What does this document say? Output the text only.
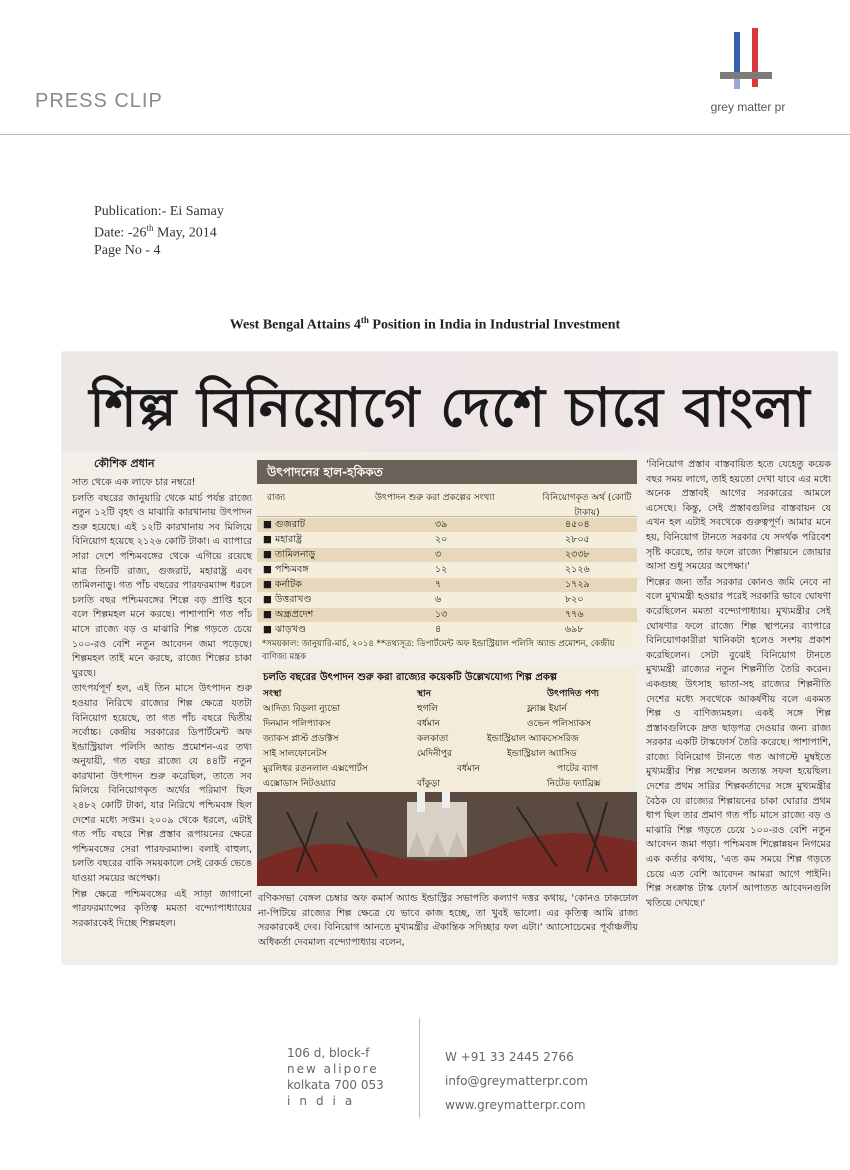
PRESS CLIP	grey matter pr
Publication:- Ei Samay
Date: -26th May, 2014
Page No - 4
West Bengal Attains 4th Position in India in Industrial Investment
শিল্প বিনিয়োগে দেশে চারে বাংলা
কৌশিক প্রধান

সাত থেকে এক লাফে চার নম্বরে!

চলতি বছরের জানুয়ারি থেকে মার্চ পর্যন্ত রাজ্যে নতুন ১২টি বৃহৎ ও মাঝারি কারখানায় উৎপাদন শুরু হয়েছে। এই ১২টি কারখানায় সব মিলিয়ে বিনিয়োগ হয়েছে ২১২৬ কোটি টাকা। এ ব্যাপারে সারা দেশে পশ্চিমবঙ্গের থেকে এগিয়ে রয়েছে মাত্র তিনটি রাজ্য, গুজরাট, মহারাষ্ট্র এবং তামিলনাড়ু। গত পাঁচ বছরের পারফরম্যান্স ধরলে চলতি বছর পশ্চিমবঙ্গের শিল্পে বড় প্রাপ্তি হবে বলে শিল্পমহল মনে করছে। পাশাপাশি গত পাঁচ মাসে রাজ্যে বড় ও মাঝারি শিল্প গড়তে চেয়ে ১০০-রও বেশি নতুন আবেদন জমা পড়েছে। শিল্পমহল তাই মনে করছে, রাজ্যে শিল্পের চাকা ঘুরছে।

তাৎপর্যপূর্ণ হল, এই তিন মাসে উৎপাদন শুরু হওয়ার নিরিখে রাজ্যের শিল্প ক্ষেত্রে যতটা বিনিয়োগ হয়েছে, তা গত পাঁচ বছরে দ্বিতীয় সর্বোচ্চ। কেন্দ্রীয় সরকারের ডিপার্টমেন্ট অফ ইন্ডাস্ট্রিয়াল পলিসি অ্যান্ড প্রমোশন-এর তথ্য অনুযায়ী, গত বছর রাজ্যে যে ৪৪টি নতুন কারখানা উৎপাদন শুরু করেছিল, তাতে সব মিলিয়ে বিনিয়োগকৃত অর্থের পরিমাণ ছিল ২৪৮২ কোটি টাকা, যার নিরিখে পশ্চিমবঙ্গ ছিল দেশের মধ্যে সপ্তম। ২০০৯ থেকে ধরলে, এটাই গত পাঁচ বছরে শিল্প প্রস্তাব রূপায়নের ক্ষেত্রে পশ্চিমবঙ্গের সেরা পারফরম্যান্স। বলাই বাহুল্য, চলতি বছরের বাকি সময়কালে সেই রেকর্ড ভেঙে যাওয়া সময়ের অপেক্ষা।

শিল্প ক্ষেত্রে পশ্চিমবঙ্গের এই সাড়া জাগানো পারফরম্যান্সের কৃতিত্ব মমতা বন্দ্যোপাধ্যায়ের সরকারকেই দিচ্ছে শিল্পমহল।

উৎপাদনের হাল-হকিকত
রাজ্য	উৎপাদন শুরু করা প্রকল্পের সংখ্যা	বিনিয়োগকৃত অর্থ (কোটি টাকায়)
■ গুজরাট	৩৯	৪৫০৪
■ মহারাষ্ট্র	২০	২৮০৫
■ তামিলনাড়ু	৩	২৩৩৮
■ পশ্চিমবঙ্গ	১২	২১২৬
■ কর্নাটক	৭	১৭২৯
■ উত্তরাখণ্ড	৬	৮২০
■ অন্ধ্রপ্রদেশ	১৩	৭৭৬
■ ঝাড়খণ্ড	৪	৬৯৮
*সময়কাল: জানুয়ারি-মার্চ, ২০১৪ **তথ্যসূত্র: ডিপার্টমেন্ট অফ ইন্ডাস্ট্রিয়াল পলিসি অ্যান্ড প্রমোশন, কেন্দ্রীয় বাণিজ্য মন্ত্রক
চলতি বছরের উৎপাদন শুরু করা রাজ্যের কয়েকটি উল্লেখযোগ্য শিল্প প্রকল্প
সংস্থা	স্থান	উৎপাদিত পণ্য
আদিত্য বিড়লা ন্যুভো	হুগলি	ফ্ল্যাক্স ইয়ার্ন
দিনমান পলিপ্যাকস	বর্ধমান	ওভেন পলিস্যাকস
জ্যাকস প্লাস্ট প্রডাক্টস	কলকাতা	ইন্ডাস্ট্রিয়াল অ্যাকসেসরিজ
সাই সালফোনেটস	মেদিনীপুর	ইন্ডাস্ট্রিয়াল অ্যাসিড
মুরলিধর রতনলাল এক্সপোর্টস	বর্ধমান	পাটের ব্যাগ
এক্সোডাস নিটওয়্যার	বাঁকুড়া	নিটেড ফ্যাব্রিক্স
বণিকসভা বেঙ্গল চেম্বার অফ কমার্স অ্যান্ড ইন্ডাস্ট্রির সভাপতি কল্যাণ দত্তর কথায়, 'কোনও ঢাকঢোল না-পিটিয়ে রাজ্যের শিল্প ক্ষেত্রে যে ভাবে কাজ হচ্ছে, তা খুবই ভালো। এর কৃতিত্ব আমি রাজ্য সরকারকেই দেব। বিনিয়োগ আনতে মুখ্যমন্ত্রীর ঐকান্তিক সদিচ্ছার ফল এটা।' অ্যাসোচেমের পূর্বাঞ্চলীয় অধিকর্তা দেবমাল্য বন্দ্যোপাধ্যায় বলেন,

'বিনিয়োগ প্রস্তাব বাস্তবায়িত হতে যেহেতু কয়েক বছর সময় লাগে, তাই হয়তো দেখা যাবে এর মধ্যে অনেক প্রস্তাবই আগের সরকারের আমলে এসেছে। কিন্তু, সেই প্রস্তাবগুলির বাস্তবায়ন যে এখন হল এটাই সবথেকে গুরুত্বপূর্ণ। আমার মনে হয়, বিনিয়োগ টানতে সরকার যে সদর্থক পরিবেশ সৃষ্টি করেছে, তার ফলে রাজ্যে শিল্পায়নে জোয়ার আসা শুধু সময়ের অপেক্ষা।'

শিল্পের জন্য তাঁর সরকার কোনও জমি নেবে না বলে মুখ্যমন্ত্রী হওয়ার পরেই সরকারি ভাবে ঘোষণা করেছিলেন মমতা বন্দ্যোপাধ্যায়। মুখ্যমন্ত্রীর সেই ঘোষণার ফলে রাজ্যে শিল্প স্থাপনের ব্যাপারে বিনিয়োগকারীরা খানিকটা হলেও সংশয় প্রকাশ করেছিলেন। সেটা বুঝেই বিনিয়োগ টানতে মুখ্যমন্ত্রী রাজ্যের নতুন শিল্পনীতি তৈরি করেন। একগুচ্ছ উৎসাহ ভাতা-সহ রাজ্যের শিল্পনীতি দেশের মধ্যে সবথেকে আকর্ষণীয় বলে একমত শিল্প ও বাণিজ্যমহল। একই সঙ্গে শিল্প প্রস্তাবগুলিকে দ্রুত ছাড়পত্র দেওয়ার জন্য রাজ্য সরকার একটি টাস্কফোর্স তৈরি করেছে। পাশাপাশি, রাজ্যে বিনিয়োগ টানতে গত আগস্টে মুম্বইতে মুখ্যমন্ত্রীর শিল্প সম্মেলন অত্যন্ত সফল হয়েছিল। দেশের প্রথম সারির শিল্পকর্তাদের সঙ্গে মুখ্যমন্ত্রীর বৈঠক যে রাজ্যের শিল্পায়নের চাকা ঘোরার প্রথম ধাপ ছিল তার প্রমাণ গত পাঁচ মাসে রাজ্যে বড় ও মাঝারি শিল্প গড়তে চেয়ে ১০০-রও বেশি নতুন আবেদন জমা পড়া। পশ্চিমবঙ্গ শিল্পোন্নয়ন নিগমের এক কর্তার কথায়, 'এত কম সময়ে শিল্প গড়তে চেয়ে এত বেশি আবেদন আমরা আগে পাইনি। শিল্প সংক্রান্ত টাস্ক ফোর্স আপাতত আবেদনগুলি খতিয়ে দেখছে।'

106 d, block-f
new alipore
kolkata 700 053
india
W +91 33 2445 2766
info@greymatterpr.com
www.greymatterpr.com
